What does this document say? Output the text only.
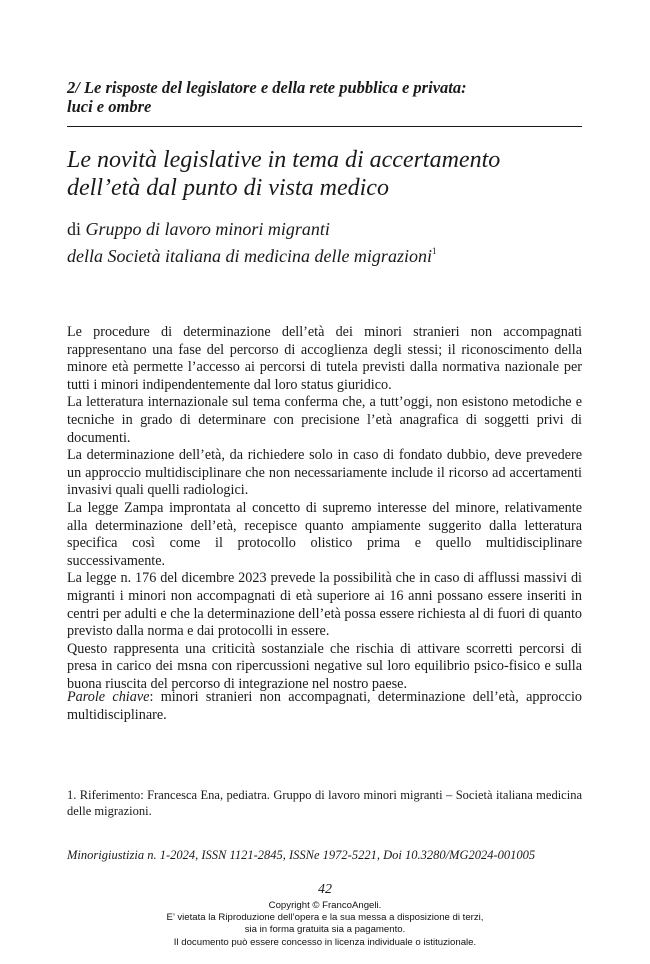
2/ Le risposte del legislatore e della rete pubblica e privata:
luci e ombre
Le novità legislative in tema di accertamento
dell’età dal punto di vista medico
di Gruppo di lavoro minori migranti
della Società italiana di medicina delle migrazioni$^1$

Le procedure di determinazione dell’età dei minori stranieri non accompagnati rappresentano una fase del percorso di accoglienza degli stessi; il riconoscimento della minore età permette l’accesso ai percorsi di tutela previsti dalla normativa nazionale per tutti i minori indipendentemente dal loro status giuridico.

La letteratura internazionale sul tema conferma che, a tutt’oggi, non esistono metodiche e tecniche in grado di determinare con precisione l’età anagrafica di soggetti privi di documenti.

La determinazione dell’età, da richiedere solo in caso di fondato dubbio, deve prevedere un approccio multidisciplinare che non necessariamente include il ricorso ad accertamenti invasivi quali quelli radiologici.

La legge Zampa improntata al concetto di supremo interesse del minore, relativamente alla determinazione dell’età, recepisce quanto ampiamente suggerito dalla letteratura specifica così come il protocollo olistico prima e quello multidisciplinare successivamente.

La legge n. 176 del dicembre 2023 prevede la possibilità che in caso di afflussi massivi di migranti i minori non accompagnati di età superiore ai 16 anni possano essere inseriti in centri per adulti e che la determinazione dell’età possa essere richiesta al di fuori di quanto previsto dalla norma e dai protocolli in essere.

Questo rappresenta una criticità sostanziale che rischia di attivare scorretti percorsi di presa in carico dei msna con ripercussioni negative sul loro equilibrio psico-fisico e sulla buona riuscita del percorso di integrazione nel nostro paese.

Parole chiave: minori stranieri non accompagnati, determinazione dell’età, approccio multidisciplinare.
1. Riferimento: Francesca Ena, pediatra. Gruppo di lavoro minori migranti – Società italiana medicina delle migrazioni.
Minorigiustizia n. 1-2024, ISSN 1121-2845, ISSNe 1972-5221, Doi 10.3280/MG2024-001005
42
Copyright © FrancoAngeli.
E’ vietata la Riproduzione dell’opera e la sua messa a disposizione di terzi,
sia in forma gratuita sia a pagamento.
Il documento può essere concesso in licenza individuale o istituzionale.
